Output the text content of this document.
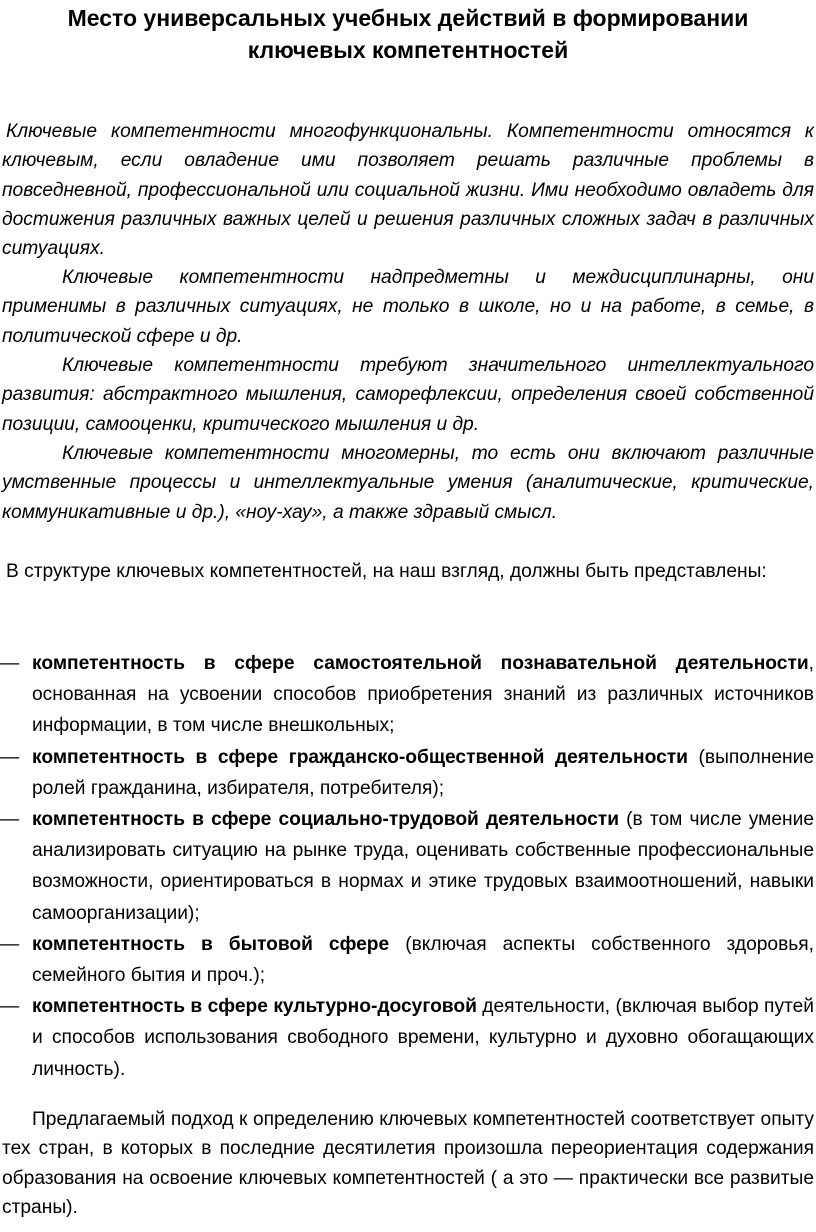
Место универсальных учебных действий в формировании
ключевых компетентностей

Ключевые компетентности многофункциональны. Компетентности относятся к ключевым, если овладение ими позволяет решать различные проблемы в повседневной, профессиональной или социальной жизни. Ими необходимо овладеть для достижения различных важных целей и решения различных сложных задач в различных ситуациях.

Ключевые компетентности надпредметны и междисциплинарны, они применимы в различных ситуациях, не только в школе, но и на работе, в семье, в политической сфере и др.

Ключевые компетентности требуют значительного интеллектуального развития: абстрактного мышления, саморефлексии, определения своей собственной позиции, самооценки, критического мышления и др.

Ключевые компетентности многомерны, то есть они включают различные умственные процессы и интеллектуальные умения (аналитические, критические, коммуникативные и др.), «ноу-хау», а также здравый смысл.

В структуре ключевых компетентностей, на наш взгляд, должны быть представлены:

— компетентность в сфере самостоятельной познавательной деятельности, основанная на усвоении способов приобретения знаний из различных источников информации, в том числе внешкольных;
— компетентность в сфере гражданско-общественной деятельности (выполнение ролей гражданина, избирателя, потребителя);
— компетентность в сфере социально-трудовой деятельности (в том числе умение анализировать ситуацию на рынке труда, оценивать собственные профессиональные возможности, ориентироваться в нормах и этике трудовых взаимоотношений, навыки самоорганизации);
— компетентность в бытовой сфере (включая аспекты собственного здоровья, семейного бытия и проч.);
— компетентность в сфере культурно-досуговой деятельности, (включая выбор путей и способов использования свободного времени, культурно и духовно обогащающих личность).

Предлагаемый подход к определению ключевых компетентностей соответствует опыту тех стран, в которых в последние десятилетия произошла переориентация содержания образования на освоение ключевых компетентностей ( а это — практически все развитые страны).
